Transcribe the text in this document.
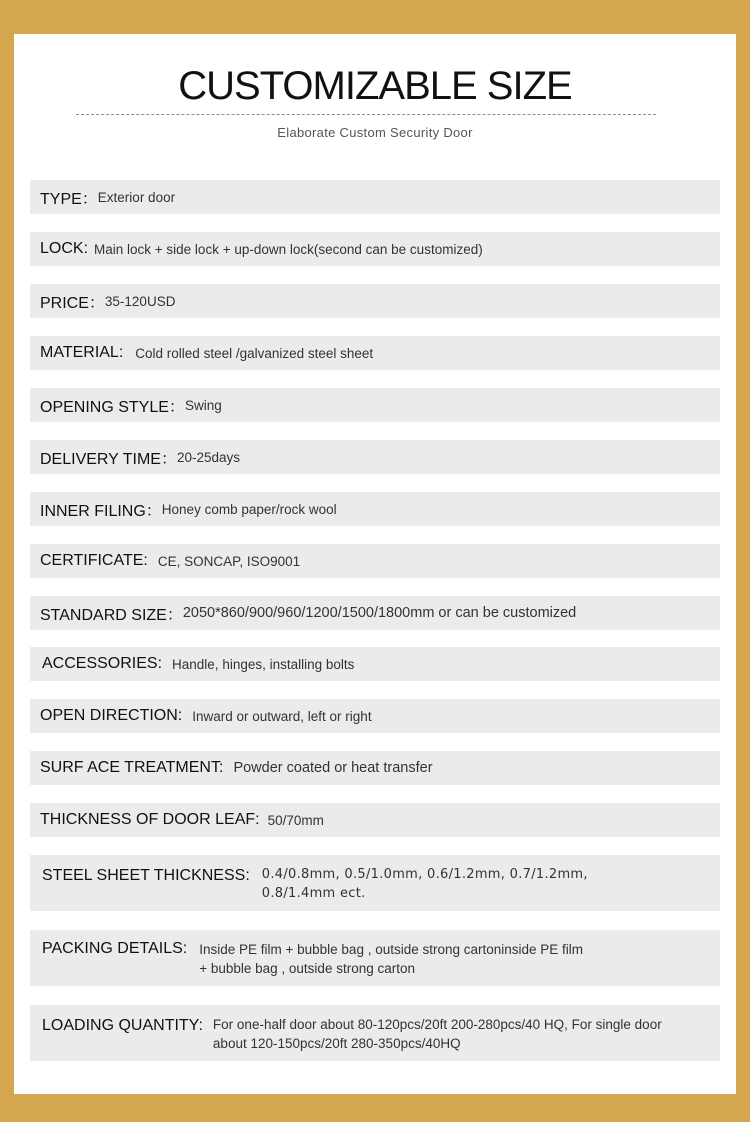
CUSTOMIZABLE SIZE
Elaborate Custom Security Door
TYPE： Exterior door
LOCK: Main lock + side lock + up-down lock(second can be customized)
PRICE： 35-120USD
MATERIAL: Cold rolled steel /galvanized steel sheet
OPENING STYLE： Swing
DELIVERY TIME： 20-25days
INNER FILING： Honey comb paper/rock wool
CERTIFICATE: CE, SONCAP, ISO9001
STANDARD SIZE： 2050*860/900/960/1200/1500/1800mm or can be customized
ACCESSORIES: Handle, hinges, installing bolts
OPEN DIRECTION: Inward or outward, left or right
SURF ACE TREATMENT: Powder coated or heat transfer
THICKNESS OF DOOR LEAF: 50/70mm
STEEL SHEET THICKNESS: 0.4/0.8mm, 0.5/1.0mm, 0.6/1.2mm, 0.7/1.2mm, 0.8/1.4mm ect.
PACKING DETAILS: Inside PE film + bubble bag , outside strong cartoninside PE film + bubble bag , outside strong carton
LOADING QUANTITY: For one-half door about 80-120pcs/20ft 200-280pcs/40 HQ, For single door about 120-150pcs/20ft 280-350pcs/40HQ
